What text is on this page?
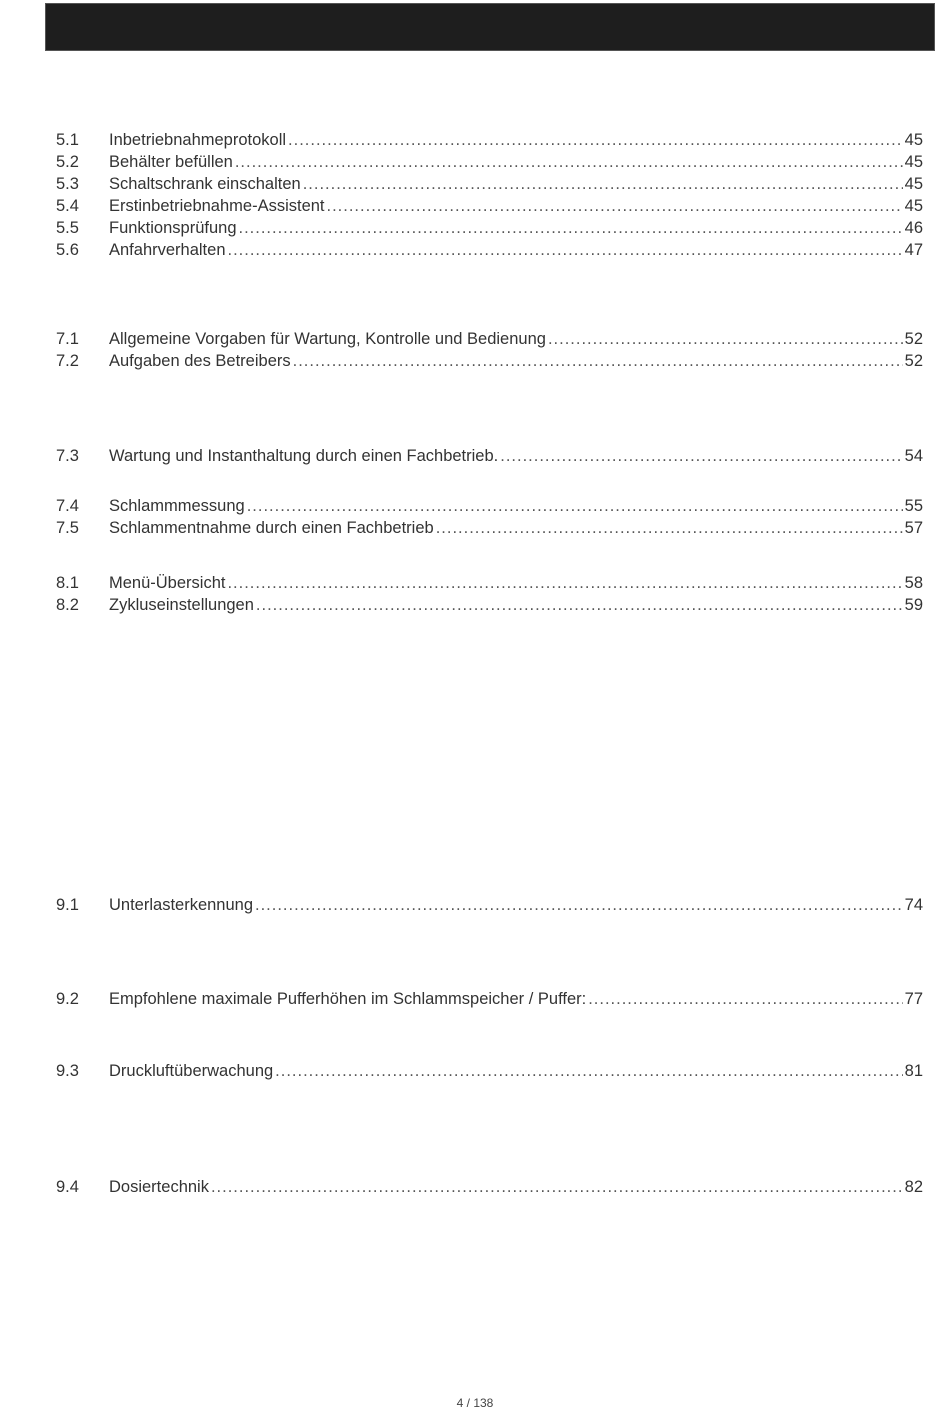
5.1	Inbetriebnahmeprotokoll .....	45
5.2	Behälter befüllen .....	45
5.3	Schaltschrank einschalten .....	45
5.4	Erstinbetriebnahme-Assistent .....	45
5.5	Funktionsprüfung .....	46
5.6	Anfahrverhalten .....	47
7.1	Allgemeine Vorgaben für Wartung, Kontrolle und Bedienung .....	52
7.2	Aufgaben des Betreibers .....	52
7.3	Wartung und Instanthaltung durch einen Fachbetrieb. .....	54
7.4	Schlammmessung .....	55
7.5	Schlammentnahme durch einen Fachbetrieb .....	57
8.1	Menü-Übersicht .....	58
8.2	Zykluseinstellungen .....	59
9.1	Unterlasterkennung .....	74
9.2	Empfohlene maximale Pufferhöhen im Schlammspeicher / Puffer: .....	77
9.3	Druckluftüberwachung .....	81
9.4	Dosiertechnik .....	82
4 / 138
